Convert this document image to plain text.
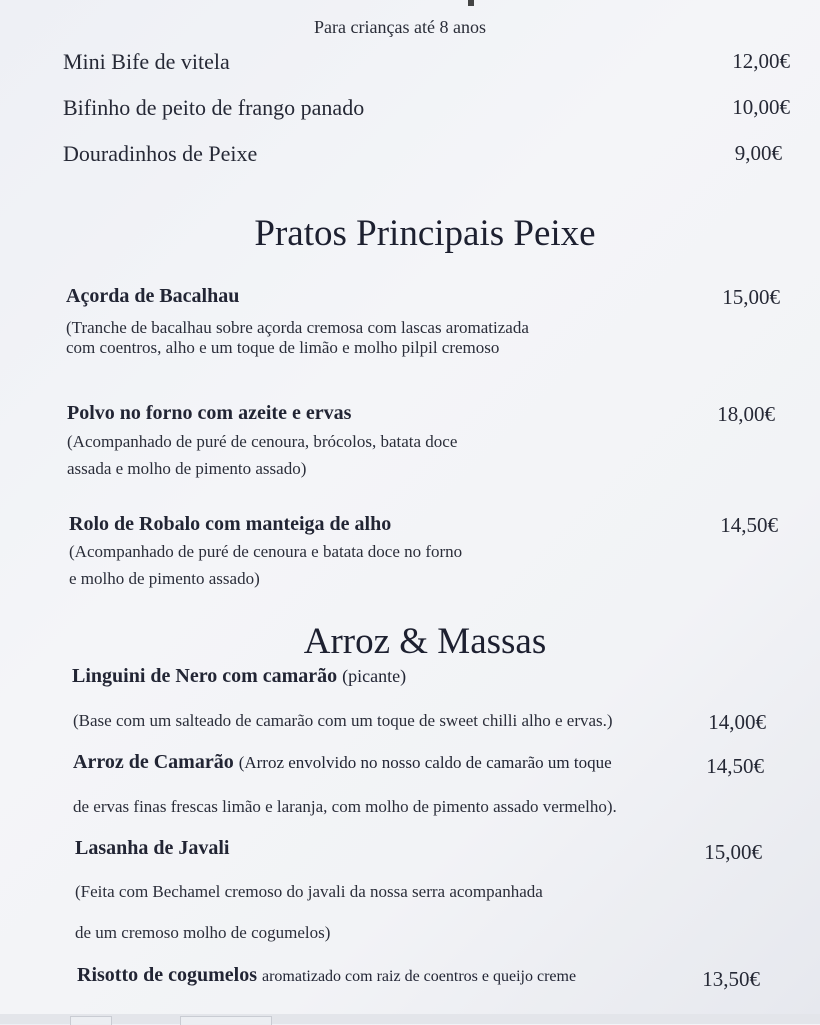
Para crianças até 8 anos
Mini Bife de vitela	12,00€
Bifinho de peito de frango panado	10,00€
Douradinhos de Peixe	9,00€
Pratos Principais Peixe
Açorda de Bacalhau	15,00€
(Tranche de bacalhau sobre açorda cremosa com lascas aromatizada
com coentros, alho e um toque de limão e molho pilpil cremoso
Polvo no forno com azeite e ervas	18,00€
(Acompanhado de puré de cenoura, brócolos, batata doce
assada e molho de pimento assado)
Rolo de Robalo com manteiga de alho	14,50€
(Acompanhado de puré de cenoura e batata doce no forno
e molho de pimento assado)
Arroz & Massas
Linguini de Nero com camarão (picante)
(Base com um salteado de camarão com um toque de sweet chilli alho e ervas.)	14,00€
Arroz de Camarão (Arroz envolvido no nosso caldo de camarão um toque	14,50€
de ervas finas frescas limão e laranja, com molho de pimento assado vermelho).
Lasanha de Javali	15,00€
(Feita com Bechamel cremoso do javali da nossa serra acompanhada
de um cremoso molho de cogumelos)
Risotto de cogumelos aromatizado com raiz de coentros e queijo creme	13,50€
